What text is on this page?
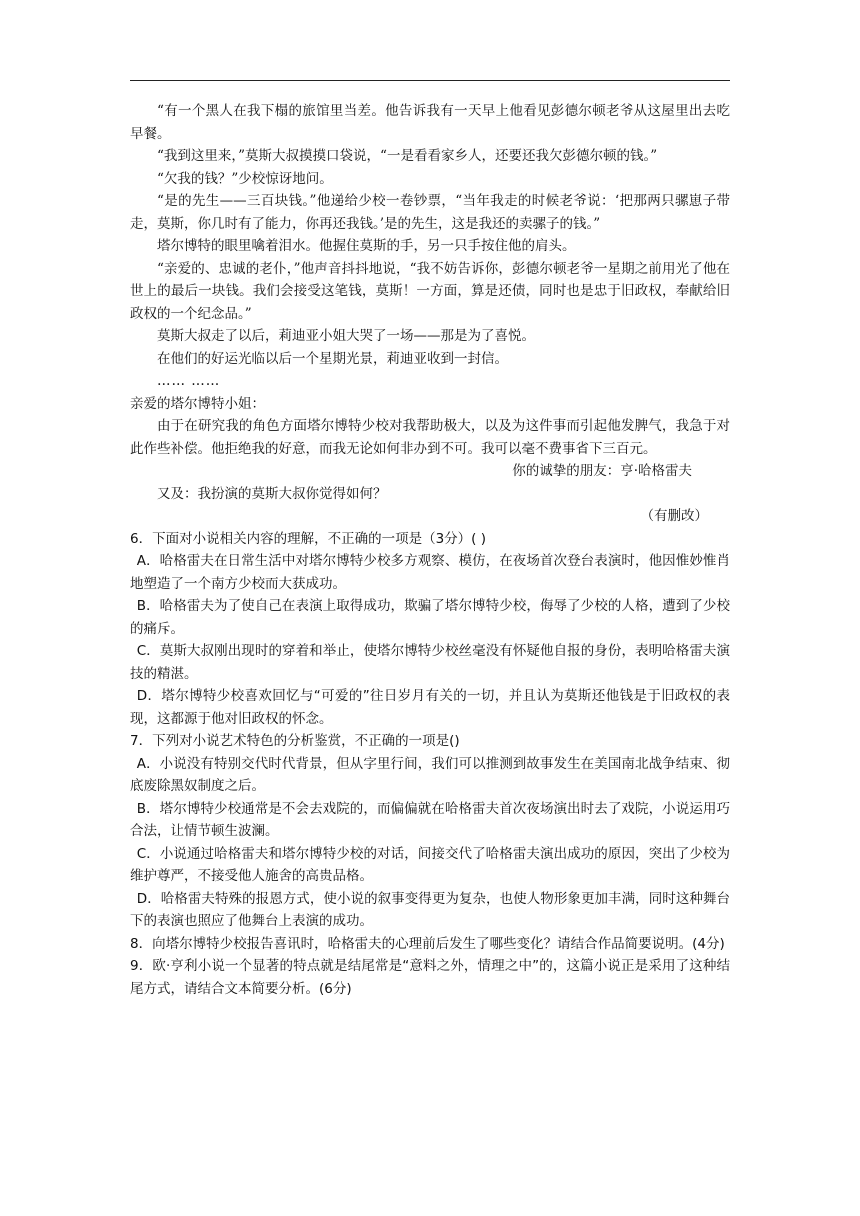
“有一个黑人在我下榻的旅馆里当差。他告诉我有一天早上他看见彭德尔顿老爷从这屋里出去吃早餐。

“我到这里来，”莫斯大叔摸摸口袋说，“一是看看家乡人，还要还我欠彭德尔顿的钱。”

“欠我的钱？”少校惊讶地问。

“是的先生——三百块钱。”他递给少校一卷钞票，“当年我走的时候老爷说：‘把那两只骡崽子带走，莫斯，你几时有了能力，你再还我钱。’是的先生，这是我还的卖骡子的钱。”

塔尔博特的眼里噙着泪水。他握住莫斯的手，另一只手按住他的肩头。

“亲爱的、忠诚的老仆，”他声音抖抖地说，“我不妨告诉你，彭德尔顿老爷一星期之前用光了他在世上的最后一块钱。我们会接受这笔钱，莫斯！一方面，算是还债，同时也是忠于旧政权，奉献给旧政权的一个纪念品。”

莫斯大叔走了以后，莉迪亚小姐大哭了一场——那是为了喜悦。

在他们的好运光临以后一个星期光景，莉迪亚收到一封信。

…… ……

亲爱的塔尔博特小姐：

由于在研究我的角色方面塔尔博特少校对我帮助极大，以及为这件事而引起他发脾气，我急于对此作些补偿。他拒绝我的好意，而我无论如何非办到不可。我可以毫不费事省下三百元。

你的诚挚的朋友：亨·哈格雷夫

又及：我扮演的莫斯大叔你觉得如何？

（有删改）

6．下面对小说相关内容的理解，不正确的一项是（3分）( )

A．哈格雷夫在日常生活中对塔尔博特少校多方观察、模仿，在夜场首次登台表演时，他因惟妙惟肖地塑造了一个南方少校而大获成功。

B．哈格雷夫为了使自己在表演上取得成功，欺骗了塔尔博特少校，侮辱了少校的人格，遭到了少校的痛斥。

C．莫斯大叔刚出现时的穿着和举止，使塔尔博特少校丝毫没有怀疑他自报的身份，表明哈格雷夫演技的精湛。

D．塔尔博特少校喜欢回忆与“可爱的”往日岁月有关的一切，并且认为莫斯还他钱是于旧政权的表现，这都源于他对旧政权的怀念。

7．下列对小说艺术特色的分析鉴赏，不正确的一项是()

A．小说没有特别交代时代背景，但从字里行间，我们可以推测到故事发生在美国南北战争结束、彻底废除黑奴制度之后。

B．塔尔博特少校通常是不会去戏院的，而偏偏就在哈格雷夫首次夜场演出时去了戏院，小说运用巧合法，让情节顿生波澜。

C．小说通过哈格雷夫和塔尔博特少校的对话，间接交代了哈格雷夫演出成功的原因，突出了少校为维护尊严，不接受他人施舍的高贵品格。

D．哈格雷夫特殊的报恩方式，使小说的叙事变得更为复杂，也使人物形象更加丰满，同时这种舞台下的表演也照应了他舞台上表演的成功。

8．向塔尔博特少校报告喜讯时，哈格雷夫的心理前后发生了哪些变化？请结合作品简要说明。(4分)

9．欧·亨利小说一个显著的特点就是结尾常是“意料之外，情理之中”的，这篇小说正是采用了这种结尾方式，请结合文本简要分析。(6分)
